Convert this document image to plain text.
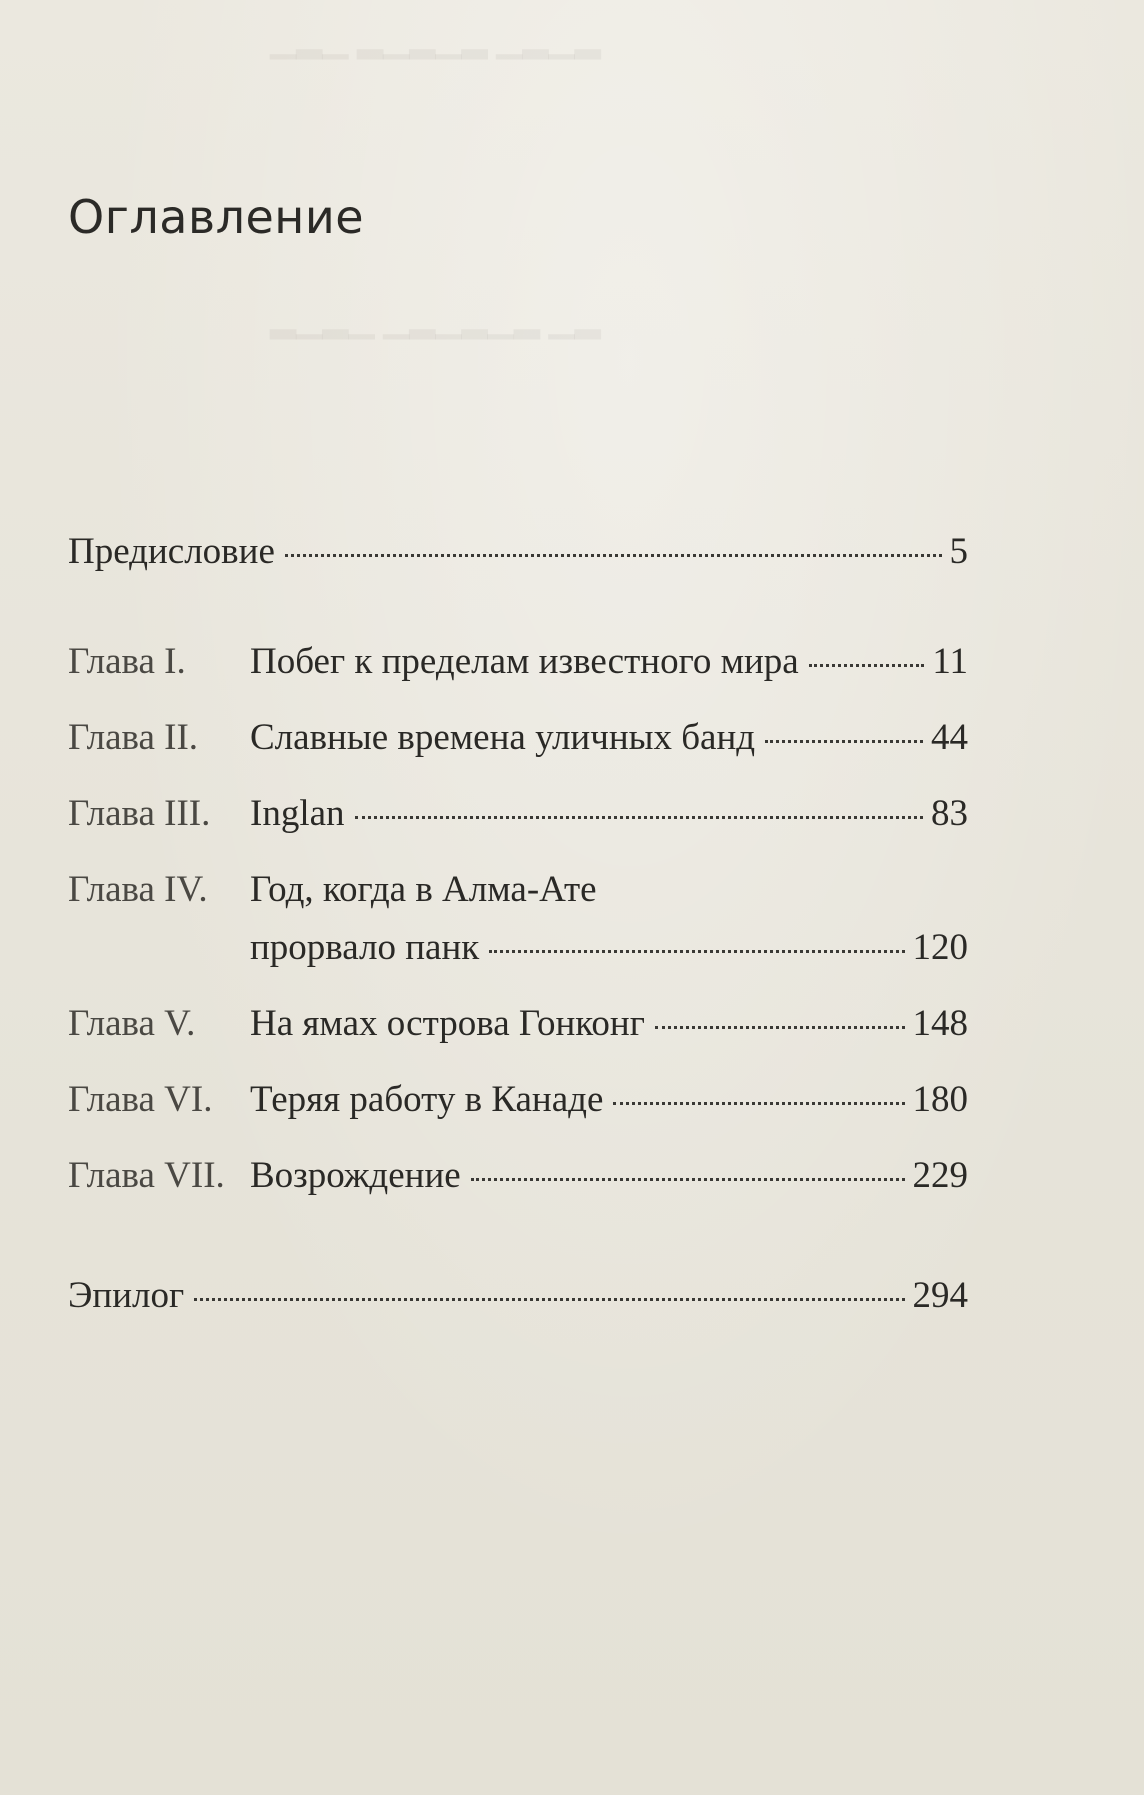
▁▂▁ ▂▁▂▁▂ ▁▂▁▂
▂▁▂▁ ▁▂▁▂▁▂ ▁▂
Оглавление
Предисловие	5
Глава I. Побег к пределам известного мира	11
Глава II. Славные времена уличных банд	44
Глава III. Inglan	83
Глава IV. Год, когда в Алма-Ате
прорвало панк	120
Глава V. На ямах острова Гонконг	148
Глава VI. Теряя работу в Канаде	180
Глава VII. Возрождение	229
Эпилог	294
